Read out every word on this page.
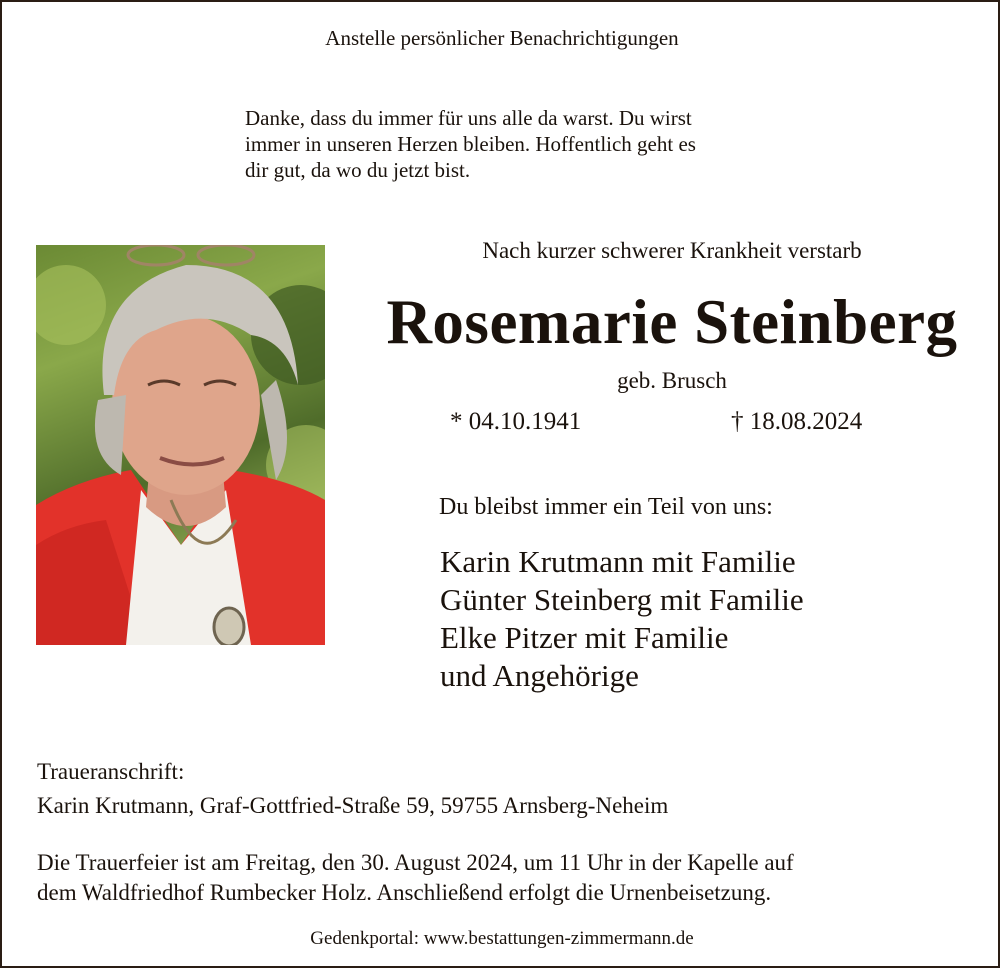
Anstelle persönlicher Benachrichtigungen
Danke, dass du immer für uns alle da warst. Du wirst
immer in unseren Herzen bleiben. Hoffentlich geht es
dir gut, da wo du jetzt bist.
Nach kurzer schwerer Krankheit verstarb
Rosemarie Steinberg
geb. Brusch
* 04.10.1941	† 18.08.2024
Du bleibst immer ein Teil von uns:
Karin Krutmann mit Familie
Günter Steinberg mit Familie
Elke Pitzer mit Familie
und Angehörige
Traueranschrift:
Karin Krutmann, Graf-Gottfried-Straße 59, 59755 Arnsberg-Neheim
Die Trauerfeier ist am Freitag, den 30. August 2024, um 11 Uhr in der Kapelle auf
dem Waldfriedhof Rumbecker Holz. Anschließend erfolgt die Urnenbeisetzung.
Gedenkportal: www.bestattungen-zimmermann.de
